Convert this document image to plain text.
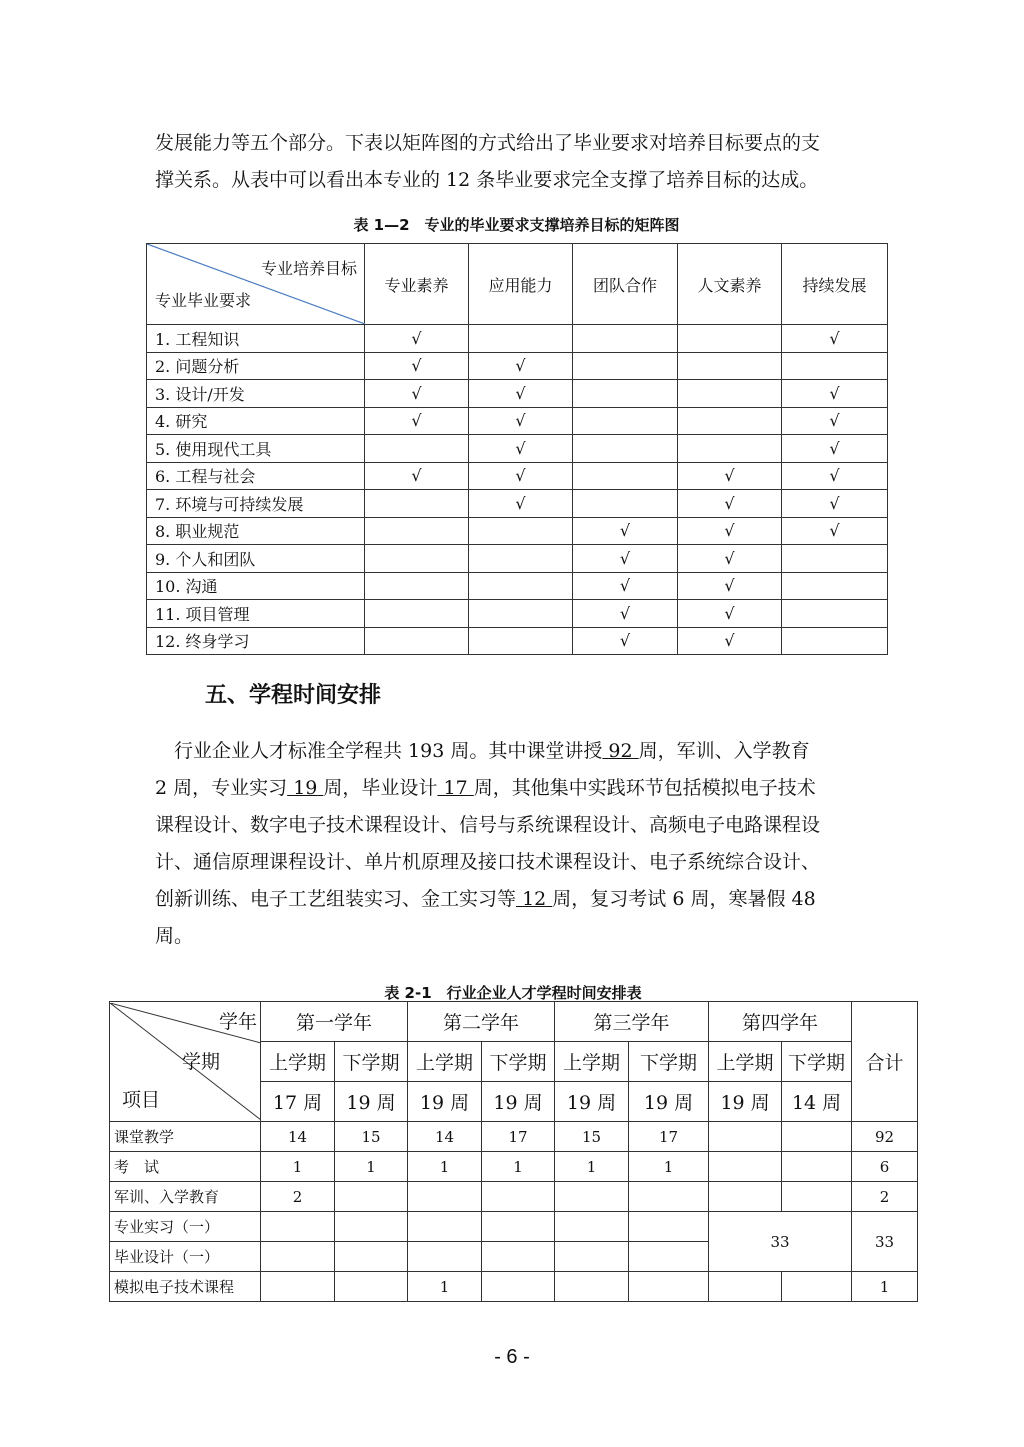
发展能力等五个部分。下表以矩阵图的方式给出了毕业要求对培养目标要点的支

撑关系。从表中可以看出本专业的 12 条毕业要求完全支撑了培养目标的达成。

表 1—2　专业的毕业要求支撑培养目标的矩阵图
专业培养目标
专业毕业要求	专业素养	应用能力	团队合作	人文素养	持续发展
1. 工程知识	√				√
2. 问题分析	√	√			
3. 设计/开发	√	√			√
4. 研究	√	√			√
5. 使用现代工具		√			√
6. 工程与社会	√	√		√	√
7. 环境与可持续发展		√		√	√
8. 职业规范			√	√	√
9. 个人和团队			√	√	
10. 沟通			√	√	
11. 项目管理			√	√	
12. 终身学习			√	√	
五、学程时间安排

行业企业人才标准全学程共 193 周。其中课堂讲授 92 周，军训、入学教育

2 周，专业实习 19 周，毕业设计 17 周，其他集中实践环节包括模拟电子技术

课程设计、数字电子技术课程设计、信号与系统课程设计、高频电子电路课程设

计、通信原理课程设计、单片机原理及接口技术课程设计、电子系统综合设计、

创新训练、电子工艺组装实习、金工实习等 12 周，复习考试 6 周，寒暑假 48

周。

表 2-1　行业企业人才学程时间安排表
学年
学期
项目	第一学年		第二学年		第三学年		第四学年		合计
	上学期	下学期	上学期	下学期	上学期	下学期	上学期	下学期	
	17 周	19 周	19 周	19 周	19 周	19 周	19 周	14 周	
课堂教学	14	15	14	17	15	17			92
考　试	1	1	1	1	1	1			6
军训、入学教育	2								2
专业实习（一）							33		33
毕业设计（一）									
模拟电子技术课程			1						1
- 6 -
